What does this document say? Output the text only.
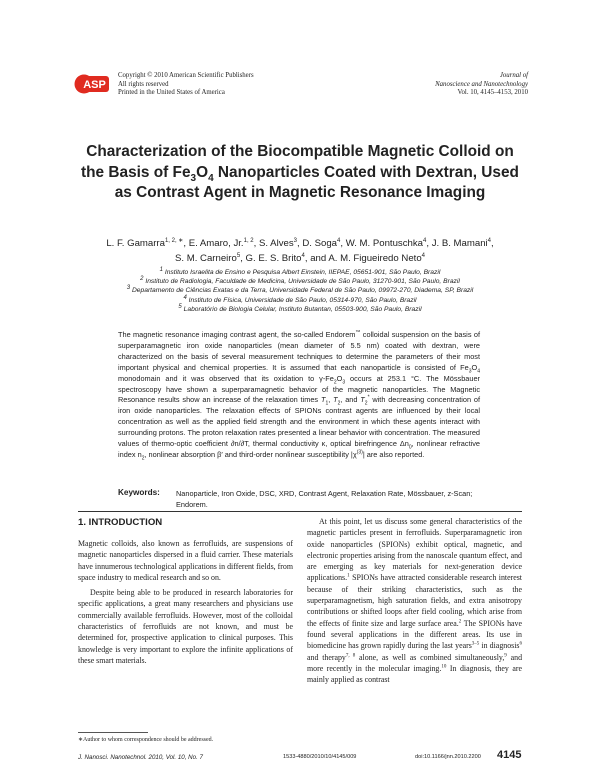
ASP
Copyright © 2010 American Scientific Publishers
All rights reserved
Printed in the United States of America
Journal of
Nanoscience and Nanotechnology
Vol. 10, 4145–4153, 2010
Characterization of the Biocompatible Magnetic Colloid on the Basis of $Fe_3O_4$ Nanoparticles Coated with Dextran, Used as Contrast Agent in Magnetic Resonance Imaging
L. F. Gamarra$^{1, 2, ∗}$, E. Amaro, Jr.$^{1, 2}$, S. Alves$^3$, D. Soga$^4$, W. M. Pontuschka$^4$, J. B. Mamani$^4$,
S. M. Carneiro$^5$, G. E. S. Brito$^4$, and A. M. Figueiredo Neto$^4$
$^1$ Instituto Israelita de Ensino e Pesquisa Albert Einstein, IIEPAE, 05651-901, São Paulo, Brazil
$^2$ Instituto de Radiologia, Faculdade de Medicina, Universidade de São Paulo, 31270-901, São Paulo, Brazil
$^3$ Departamento de Ciências Exatas e da Terra, Universidade Federal de São Paulo, 09972-270, Diadema, SP, Brazil
$^4$ Instituto de Física, Universidade de São Paulo, 05314-970, São Paulo, Brazil
$^5$ Laboratório de Biologia Celular, Instituto Butantan, 05503-900, São Paulo, Brazil
The magnetic resonance imaging contrast agent, the so-called Endorem™ colloidal suspension on the basis of superparamagnetic iron oxide nanoparticles (mean diameter of 5.5 nm) coated with dextran, were characterized on the basis of several measurement techniques to determine the parameters of their most important physical and chemical properties. It is assumed that each nanoparticle is consisted of $Fe_3O_4$ monodomain and it was observed that its oxidation to $\gamma-Fe_2O_3$ occurs at 253.1 °C. The Mössbauer spectroscopy have shown a superparamagnetic behavior of the magnetic nanoparticles. The Magnetic Resonance results show an increase of the relaxation times $T_1$, $T_2$, and $T_2^*$ with decreasing concentration of iron oxide nanoparticles. The relaxation effects of SPIONs contrast agents are influenced by their local concentration as well as the applied field strength and the environment in which these agents interact with surrounding protons. The proton relaxation rates presented a linear behavior with concentration. The measured values of thermo-optic coefficient ∂n/∂T, thermal conductivity κ, optical birefringence $\Delta n_0$, nonlinear refractive index $n_2$, nonlinear absorption β′ and third-order nonlinear susceptibility $|\chi^{(3)}|$ are also reported.
Keywords: Nanoparticle, Iron Oxide, DSC, XRD, Contrast Agent, Relaxation Rate, Mössbauer, z-Scan; Endorem.
1. INTRODUCTION

Magnetic colloids, also known as ferrofluids, are suspensions of magnetic nanoparticles dispersed in a fluid carrier. These materials have innumerous technological applications in different fields, from space industry to medical research and so on.

Despite being able to be produced in research laboratories for specific applications, a great many researchers and physicians use commercially available ferrofluids. However, most of the colloidal characteristics of ferrofluids are not known, and must be determined for, prospective application to clinical purposes. This knowledge is very important to explore the infinite applications of these smart materials.

∗Author to whom correspondence should be addressed.

At this point, let us discuss some general characteristics of the magnetic particles present in ferrofluids. Superparamagnetic iron oxide nanoparticles (SPIONs) exhibit optical, magnetic, and electronic properties arising from the nanoscale quantum effect, and are emerging as key materials for next-generation device applications.$^1$ SPIONs have attracted considerable research interest because of their striking characteristics, such as the superparamagnetism, high saturation fields, and extra anisotropy contributions or shifted loops after field cooling, which arise from the effects of finite size and large surface area.$^2$ The SPIONs have found several applications in the different areas. Its use in biomedicine has grown rapidly during the last years$^{3-5}$ in diagnosis$^6$ and therapy$^{7, 8}$ alone, as well as combined simultaneously,$^9$ and more recently in the molecular imaging.$^{10}$ In diagnosis, they are mainly applied as contrast

J. Nanosci. Nanotechnol. 2010, Vol. 10, No. 7	1533-4880/2010/10/4145/009	doi:10.1166/jnn.2010.2200 4145
